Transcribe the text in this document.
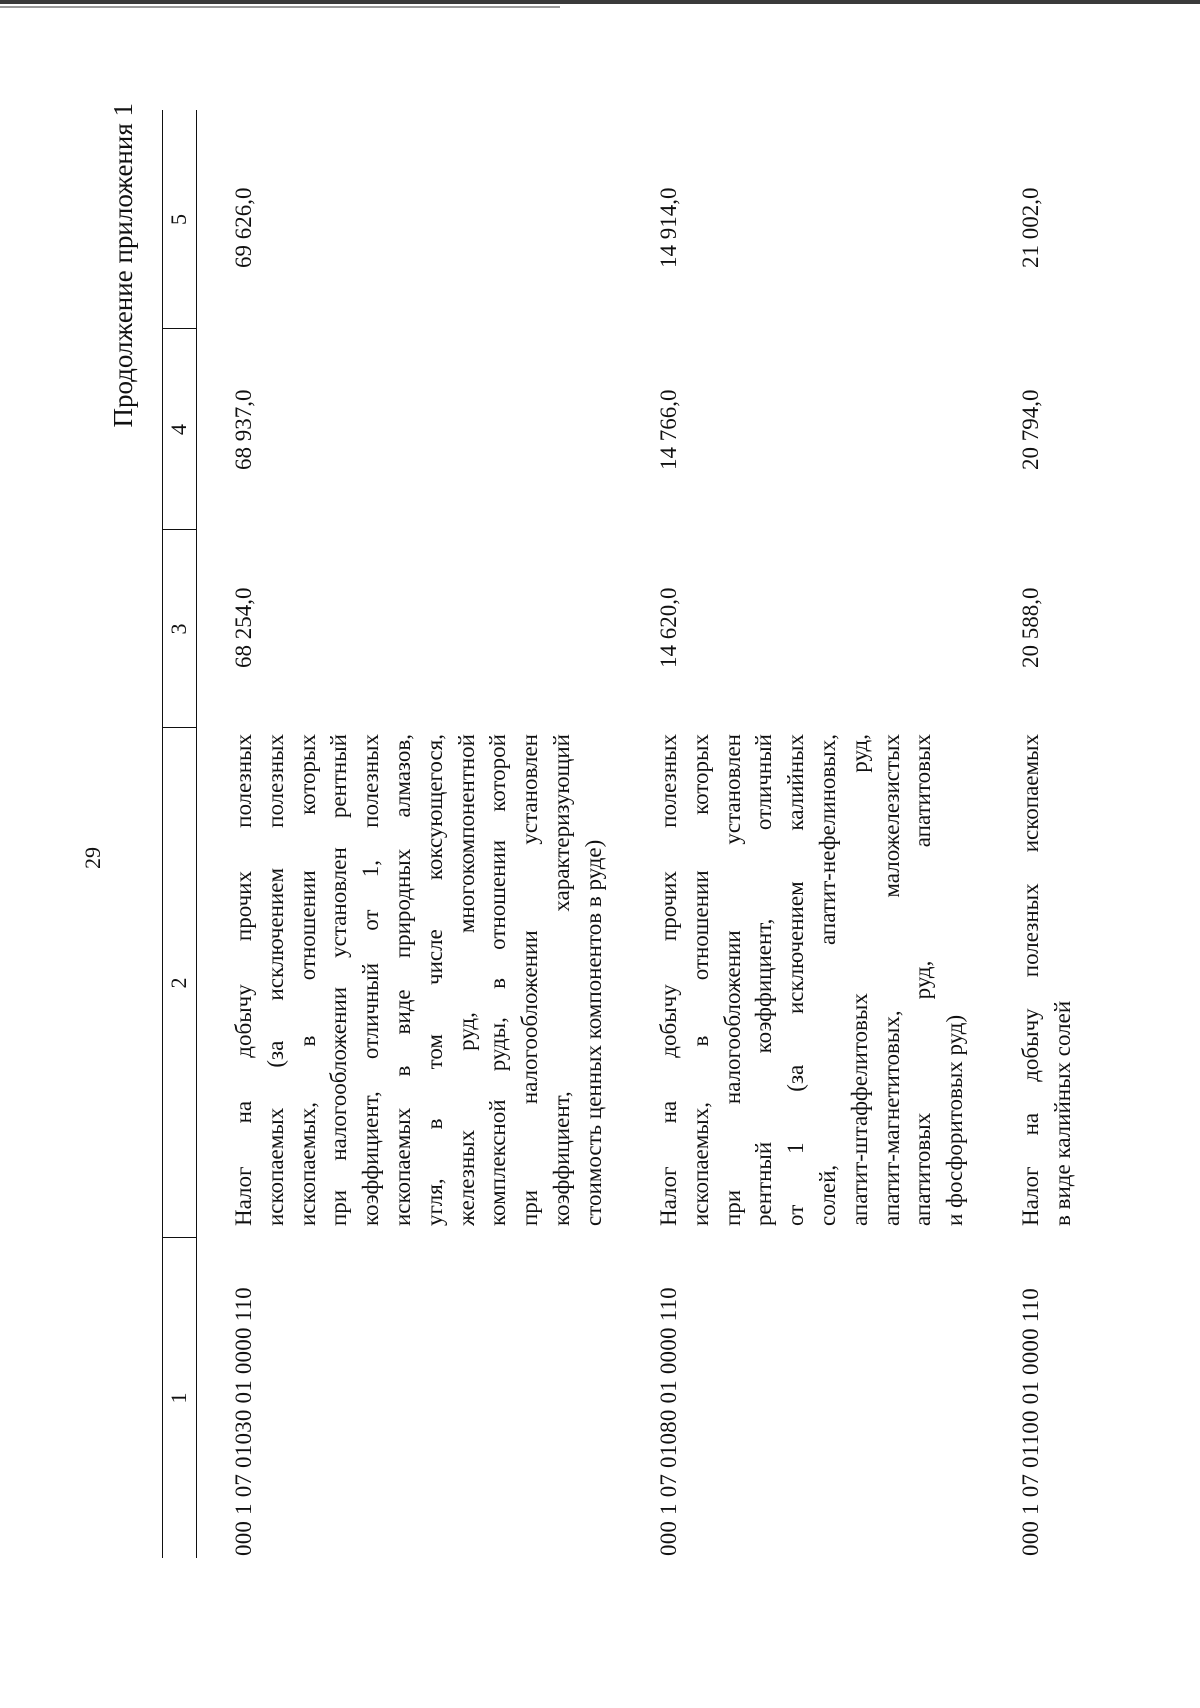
29
Продолжение приложения 1
1
2
3
4
5
000 1 07 01030 01 0000 110
Налог на добычу прочих полезных ископаемых (за исключением полезных ископаемых, в отношении которых при налогообложении установлен рентный коэффициент, отличный от 1, полезных ископаемых в виде природных алмазов, угля, в том числе коксующегося, железных руд, многокомпонентной комплексной руды, в отношении которой при налогообложении установлен коэффициент, характеризующий стоимость ценных компонентов в руде)
68 254,0
68 937,0
69 626,0
000 1 07 01080 01 0000 110
Налог на добычу прочих полезных ископаемых, в отношении которых при налогообложении установлен рентный коэффициент, отличный от 1 (за исключением калийных солей, апатит-нефелиновых, апатит-штаффелитовых руд, апатит-магнетитовых, маложелезистых апатитовых руд, апатитовых и фосфоритовых руд)
14 620,0
14 766,0
14 914,0
000 1 07 01100 01 0000 110
Налог на добычу полезных ископаемых в виде калийных солей
20 588,0
20 794,0
21 002,0
